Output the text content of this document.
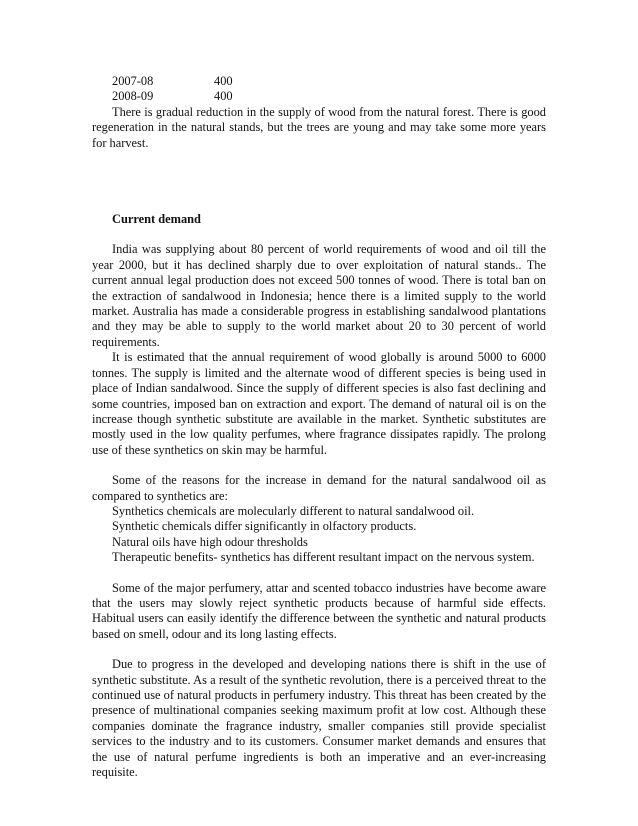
2007-08	400
2008-09	400

There is gradual reduction in the supply of wood from the natural forest. There is good regeneration in the natural stands, but the trees are young and may take some more years for harvest.

Current demand

India was supplying about 80 percent of world requirements of wood and oil till the year 2000, but it has declined sharply due to over exploitation of natural stands.. The current annual legal production does not exceed 500 tonnes of wood. There is total ban on the extraction of sandalwood in Indonesia; hence there is a limited supply to the world market. Australia has made a considerable progress in establishing sandalwood plantations and they may be able to supply to the world market about 20 to 30 percent of world requirements.

It is estimated that the annual requirement of wood globally is around 5000 to 6000 tonnes. The supply is limited and the alternate wood of different species is being used in place of Indian sandalwood. Since the supply of different species is also fast declining and some countries, imposed ban on extraction and export. The demand of natural oil is on the increase though synthetic substitute are available in the market. Synthetic substitutes are mostly used in the low quality perfumes, where fragrance dissipates rapidly. The prolong use of these synthetics on skin may be harmful.

Some of the reasons for the increase in demand for the natural sandalwood oil as compared to synthetics are:

Synthetics chemicals are molecularly different to natural sandalwood oil.
Synthetic chemicals differ significantly in olfactory products.
Natural oils have high odour thresholds
Therapeutic benefits- synthetics has different resultant impact on the nervous system.

Some of the major perfumery, attar and scented tobacco industries have become aware that the users may slowly reject synthetic products because of harmful side effects. Habitual users can easily identify the difference between the synthetic and natural products based on smell, odour and its long lasting effects.

Due to progress in the developed and developing nations there is shift in the use of synthetic substitute. As a result of the synthetic revolution, there is a perceived threat to the continued use of natural products in perfumery industry. This threat has been created by the presence of multinational companies seeking maximum profit at low cost. Although these companies dominate the fragrance industry, smaller companies still provide specialist services to the industry and to its customers. Consumer market demands and ensures that the use of natural perfume ingredients is both an imperative and an ever-increasing requisite.
